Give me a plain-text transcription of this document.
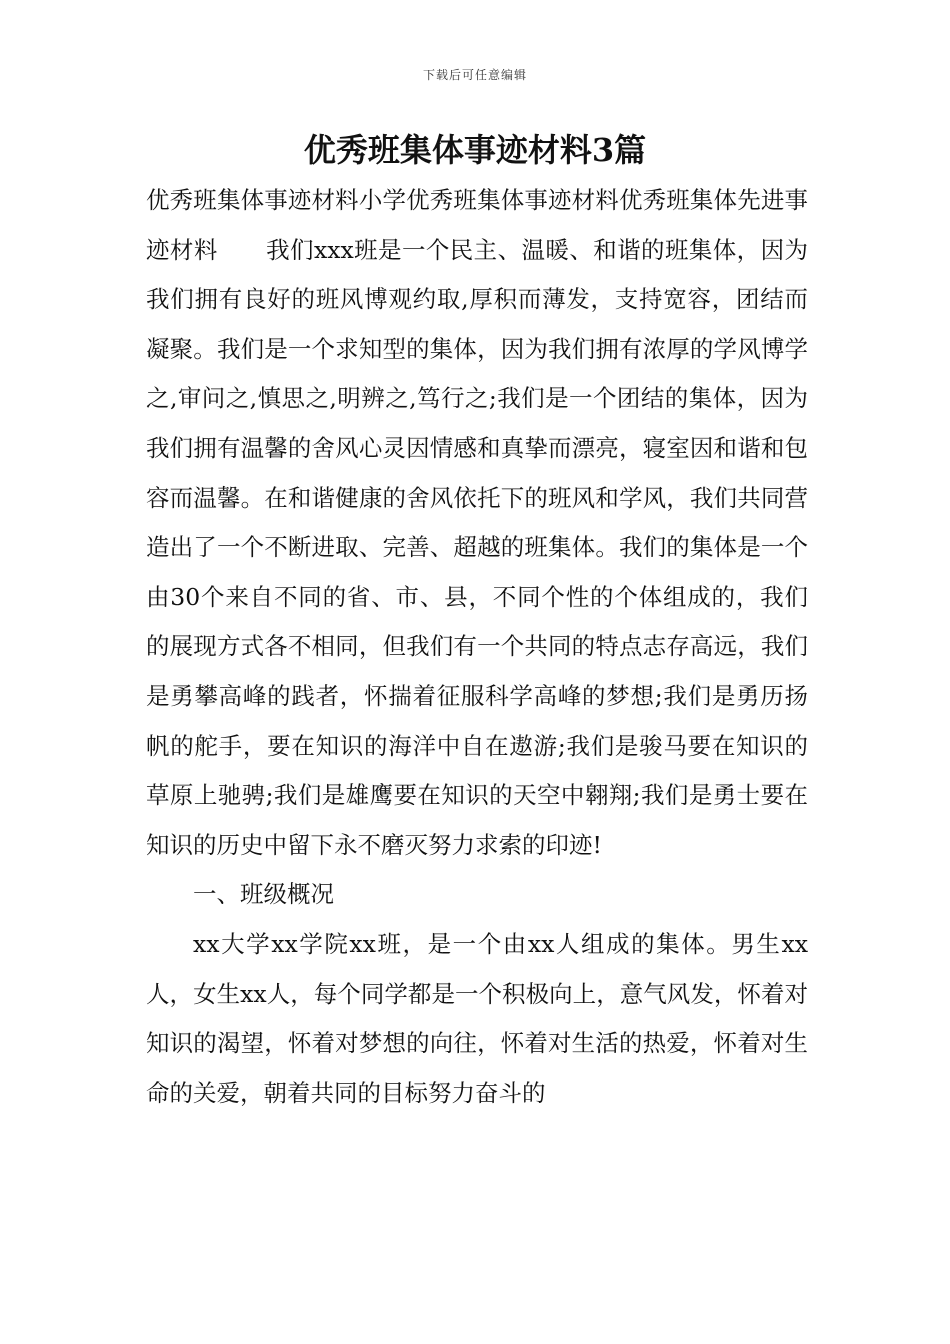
下载后可任意编辑
优秀班集体事迹材料3篇

优秀班集体事迹材料小学优秀班集体事迹材料优秀班集体先进事迹材料 我们xxx班是一个民主、温暖、和谐的班集体，因为我们拥有良好的班风博观约取,厚积而薄发，支持宽容，团结而凝聚。我们是一个求知型的集体，因为我们拥有浓厚的学风博学之,审问之,慎思之,明辨之,笃行之;我们是一个团结的集体，因为我们拥有温馨的舍风心灵因情感和真挚而漂亮，寝室因和谐和包容而温馨。在和谐健康的舍风依托下的班风和学风，我们共同营造出了一个不断进取、完善、超越的班集体。我们的集体是一个由30个来自不同的省、市、县，不同个性的个体组成的，我们的展现方式各不相同，但我们有一个共同的特点志存高远，我们是勇攀高峰的践者，怀揣着征服科学高峰的梦想;我们是勇历扬帆的舵手，要在知识的海洋中自在遨游;我们是骏马要在知识的草原上驰骋;我们是雄鹰要在知识的天空中翱翔;我们是勇士要在知识的历史中留下永不磨灭努力求索的印迹!

一、班级概况

xx大学xx学院xx班，是一个由xx人组成的集体。男生xx人，女生xx人，每个同学都是一个积极向上，意气风发，怀着对知识的渴望，怀着对梦想的向往，怀着对生活的热爱，怀着对生命的关爱，朝着共同的目标努力奋斗的
